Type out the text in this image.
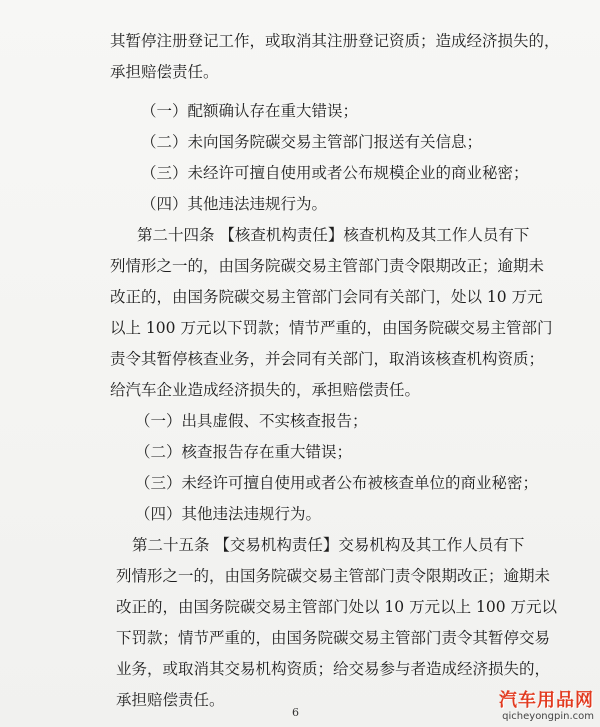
其暂停注册登记工作，或取消其注册登记资质；造成经济损失的，
承担赔偿责任。
（一）配额确认存在重大错误；
（二）未向国务院碳交易主管部门报送有关信息；
（三）未经许可擅自使用或者公布规模企业的商业秘密；
（四）其他违法违规行为。
第二十四条 【核查机构责任】核查机构及其工作人员有下
列情形之一的，由国务院碳交易主管部门责令限期改正；逾期未
改正的，由国务院碳交易主管部门会同有关部门，处以 10 万元
以上 100 万元以下罚款；情节严重的，由国务院碳交易主管部门
责令其暂停核查业务，并会同有关部门，取消该核查机构资质；
给汽车企业造成经济损失的，承担赔偿责任。
（一）出具虚假、不实核查报告；
（二）核查报告存在重大错误；
（三）未经许可擅自使用或者公布被核查单位的商业秘密；
（四）其他违法违规行为。
第二十五条 【交易机构责任】交易机构及其工作人员有下
列情形之一的，由国务院碳交易主管部门责令限期改正；逾期未
改正的，由国务院碳交易主管部门处以 10 万元以上 100 万元以
下罚款；情节严重的，由国务院碳交易主管部门责令其暂停交易
业务，或取消其交易机构资质；给交易参与者造成经济损失的，
承担赔偿责任。
6
汽车用品网
qicheyongpin.com
